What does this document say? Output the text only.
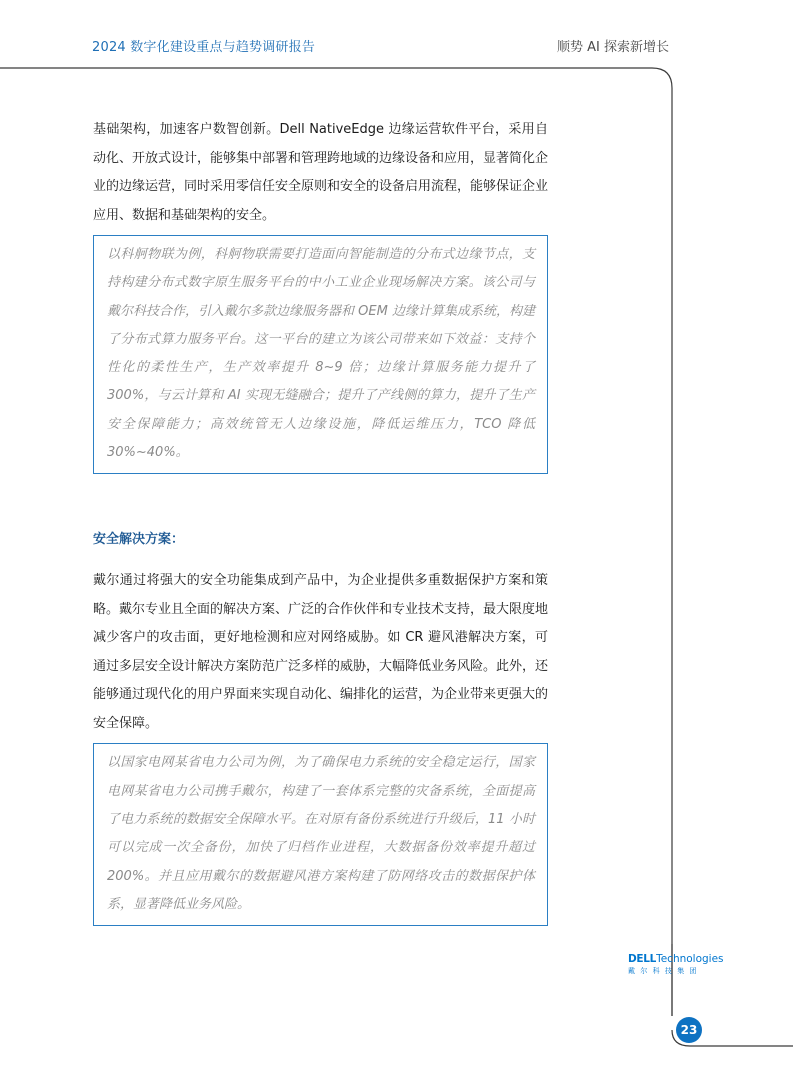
2024 数字化建设重点与趋势调研报告	顺势 AI 探索新增长

基础架构，加速客户数智创新。Dell NativeEdge 边缘运营软件平台，采用自动化、开放式设计，能够集中部署和管理跨地域的边缘设备和应用，显著简化企业的边缘运营，同时采用零信任安全原则和安全的设备启用流程，能够保证企业应用、数据和基础架构的安全。

以科舸物联为例，科舸物联需要打造面向智能制造的分布式边缘节点，支持构建分布式数字原生服务平台的中小工业企业现场解决方案。该公司与戴尔科技合作，引入戴尔多款边缘服务器和 OEM 边缘计算集成系统，构建了分布式算力服务平台。这一平台的建立为该公司带来如下效益：支持个性化的柔性生产，生产效率提升 8~9 倍；边缘计算服务能力提升了 300%，与云计算和 AI 实现无缝融合；提升了产线侧的算力，提升了生产安全保障能力；高效统管无人边缘设施，降低运维压力，TCO 降低 30%~40%。

安全解决方案：

戴尔通过将强大的安全功能集成到产品中，为企业提供多重数据保护方案和策略。戴尔专业且全面的解决方案、广泛的合作伙伴和专业技术支持，最大限度地减少客户的攻击面，更好地检测和应对网络威胁。如 CR 避风港解决方案，可通过多层安全设计解决方案防范广泛多样的威胁，大幅降低业务风险。此外，还能够通过现代化的用户界面来实现自动化、编排化的运营，为企业带来更强大的安全保障。

以国家电网某省电力公司为例，为了确保电力系统的安全稳定运行，国家电网某省电力公司携手戴尔，构建了一套体系完整的灾备系统，全面提高了电力系统的数据安全保障水平。在对原有备份系统进行升级后，11 小时可以完成一次全备份，加快了归档作业进程，大数据备份效率提升超过 200%。并且应用戴尔的数据避风港方案构建了防网络攻击的数据保护体系，显著降低业务风险。

DELLTechnologies
戴尔科技集团
23
